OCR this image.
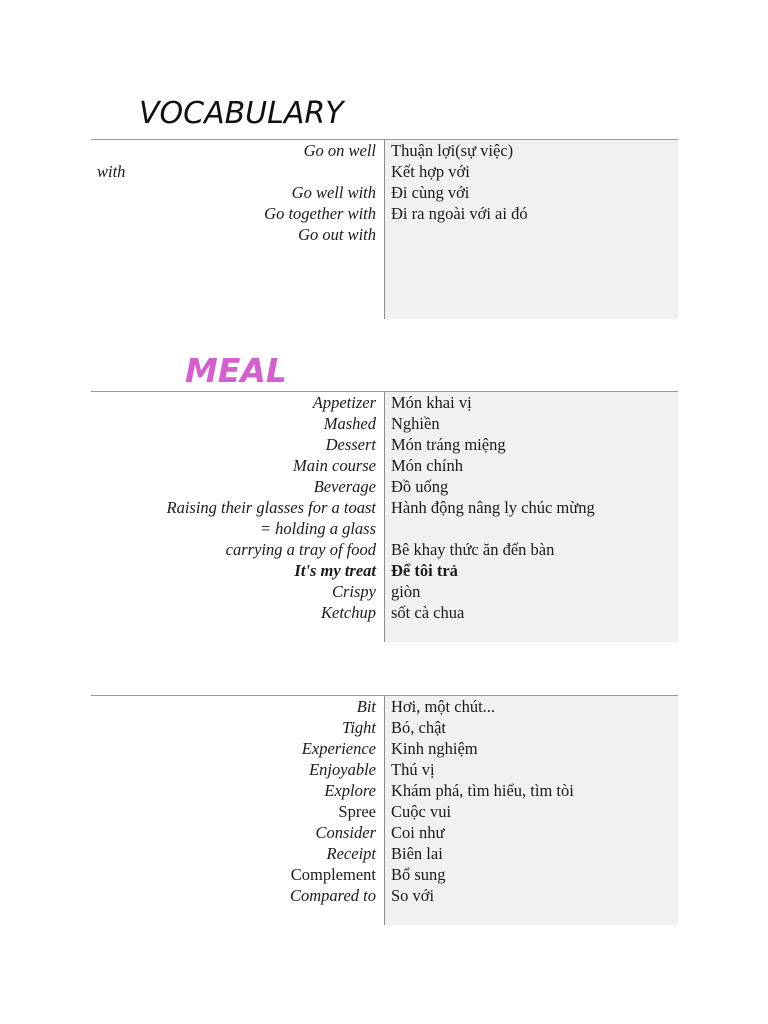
VOCABULARY
Go on well
with
Go well with
Go together with
Go out with
Thuận lợi(sự việc)
Kết hợp với
Đi cùng với
Đi ra ngoài với ai đó
MEAL
Appetizer
Mashed
Dessert
Main course
Beverage
Raising their glasses for a toast
= holding a glass
carrying a tray of food
It's my treat
Crispy
Ketchup
Món khai vị
Nghiền
Món tráng miệng
Món chính
Đồ uống
Hành động nâng ly chúc mừng
Bê khay thức ăn đến bàn
Để tôi trả
giòn
sốt cà chua
Bit
Tight
Experience
Enjoyable
Explore
Spree
Consider
Receipt
Complement
Compared to
Hơi, một chút...
Bó, chật
Kinh nghiệm
Thú vị
Khám phá, tìm hiểu, tìm tòi
Cuộc vui
Coi như
Biên lai
Bổ sung
So với
